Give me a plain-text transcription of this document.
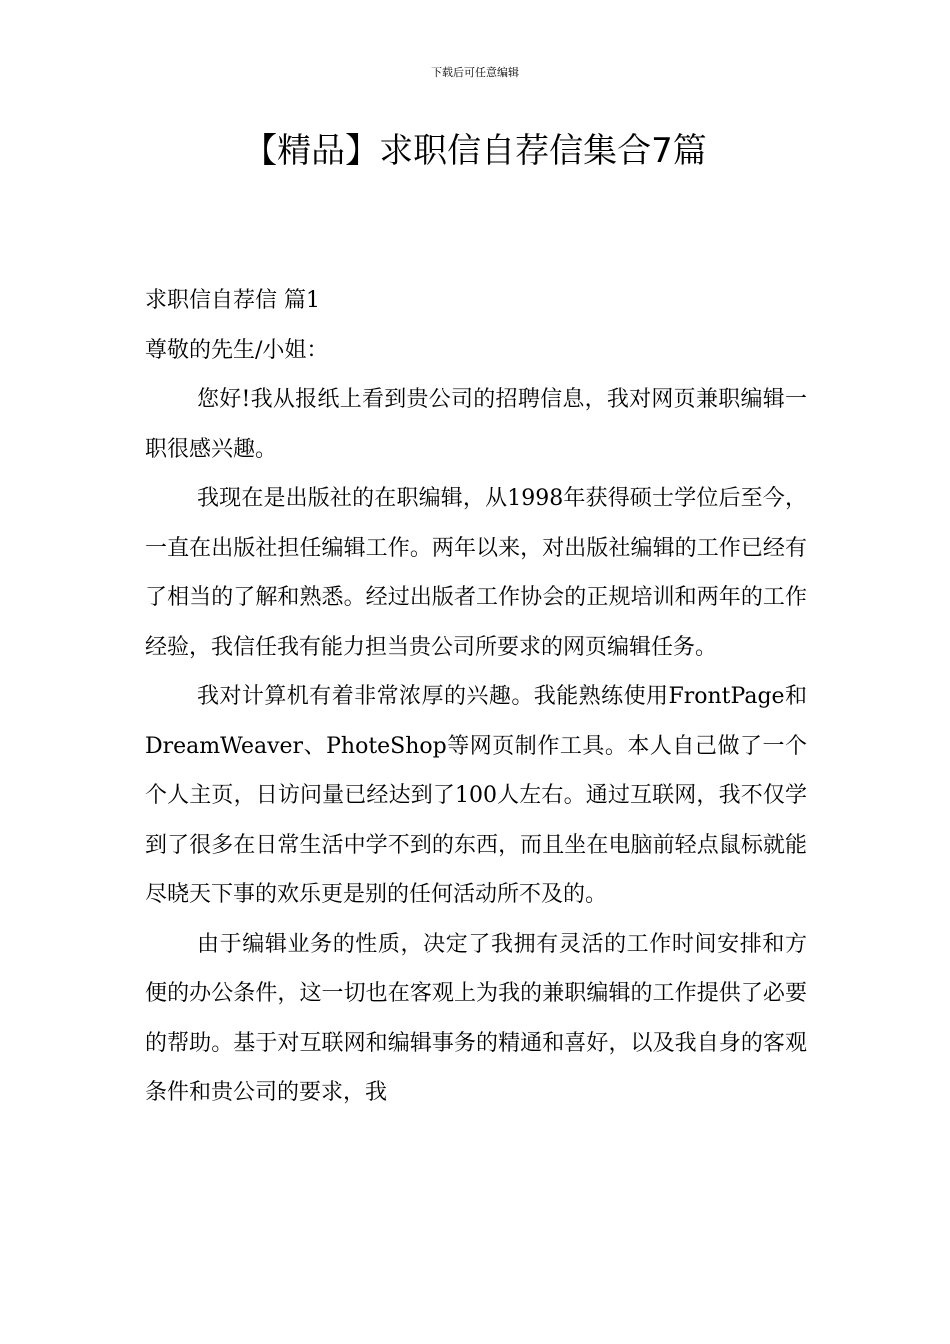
下载后可任意编辑
【精品】求职信自荐信集合7篇

求职信自荐信 篇1

尊敬的先生/小姐：

您好!我从报纸上看到贵公司的招聘信息，我对网页兼职编辑一职很感兴趣。

我现在是出版社的在职编辑，从1998年获得硕士学位后至今，一直在出版社担任编辑工作。两年以来，对出版社编辑的工作已经有了相当的了解和熟悉。经过出版者工作协会的正规培训和两年的工作经验，我信任我有能力担当贵公司所要求的网页编辑任务。

我对计算机有着非常浓厚的兴趣。我能熟练使用FrontPage和DreamWeaver、PhoteShop等网页制作工具。本人自己做了一个个人主页，日访问量已经达到了100人左右。通过互联网，我不仅学到了很多在日常生活中学不到的东西，而且坐在电脑前轻点鼠标就能尽晓天下事的欢乐更是别的任何活动所不及的。

由于编辑业务的性质，决定了我拥有灵活的工作时间安排和方便的办公条件，这一切也在客观上为我的兼职编辑的工作提供了必要的帮助。基于对互联网和编辑事务的精通和喜好，以及我自身的客观条件和贵公司的要求，我
